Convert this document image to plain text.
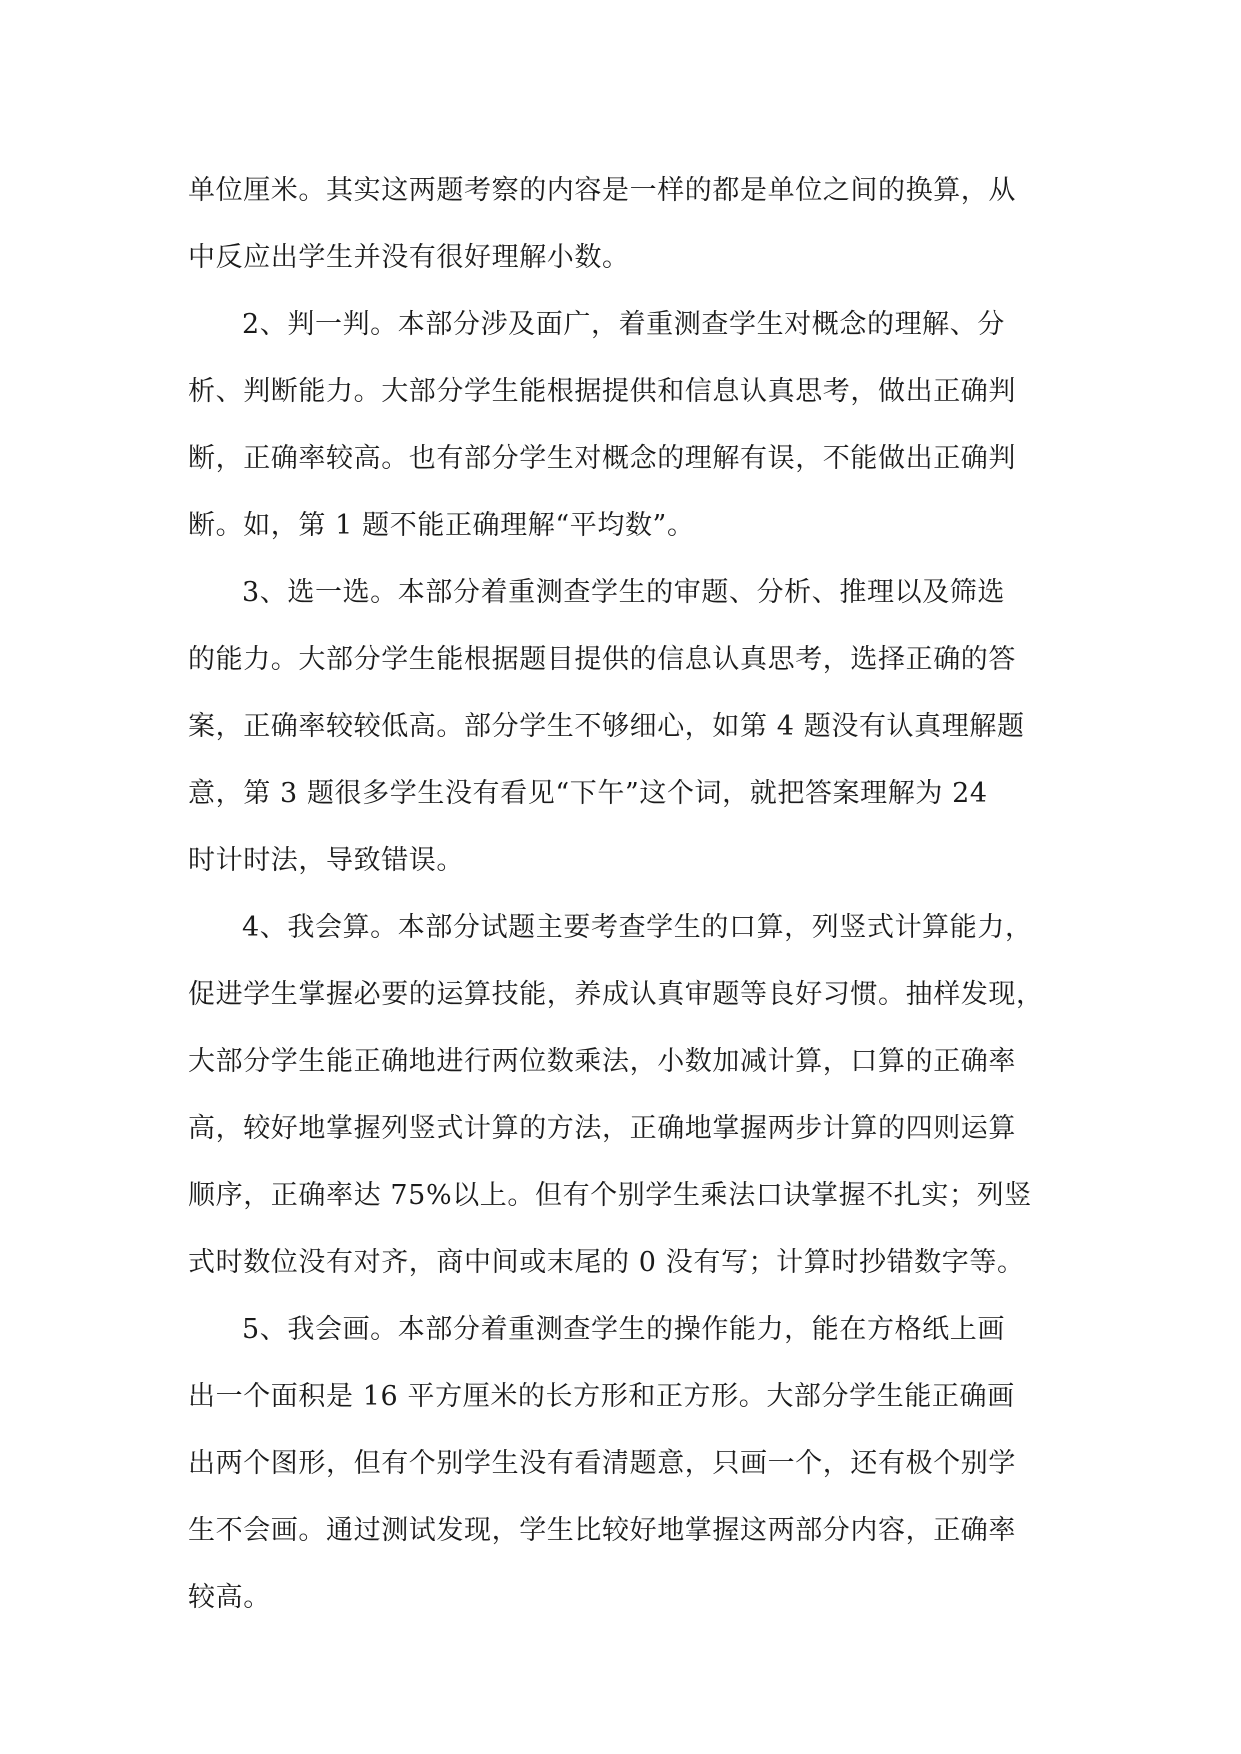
单位厘米。其实这两题考察的内容是一样的都是单位之间的换算，从
中反应出学生并没有很好理解小数。
2、判一判。本部分涉及面广，着重测查学生对概念的理解、分
析、判断能力。大部分学生能根据提供和信息认真思考，做出正确判
断，正确率较高。也有部分学生对概念的理解有误，不能做出正确判
断。如，第 1 题不能正确理解“平均数”。
3、选一选。本部分着重测查学生的审题、分析、推理以及筛选
的能力。大部分学生能根据题目提供的信息认真思考，选择正确的答
案，正确率较较低高。部分学生不够细心，如第 4 题没有认真理解题
意，第 3 题很多学生没有看见“下午”这个词，就把答案理解为 24
时计时法，导致错误。
4、我会算。本部分试题主要考查学生的口算，列竖式计算能力，
促进学生掌握必要的运算技能，养成认真审题等良好习惯。抽样发现，
大部分学生能正确地进行两位数乘法，小数加减计算，口算的正确率
高，较好地掌握列竖式计算的方法，正确地掌握两步计算的四则运算
顺序，正确率达 75%以上。但有个别学生乘法口诀掌握不扎实；列竖
式时数位没有对齐，商中间或末尾的 0 没有写；计算时抄错数字等。
5、我会画。本部分着重测查学生的操作能力，能在方格纸上画
出一个面积是 16 平方厘米的长方形和正方形。大部分学生能正确画
出两个图形，但有个别学生没有看清题意，只画一个，还有极个别学
生不会画。通过测试发现，学生比较好地掌握这两部分内容，正确率
较高。
